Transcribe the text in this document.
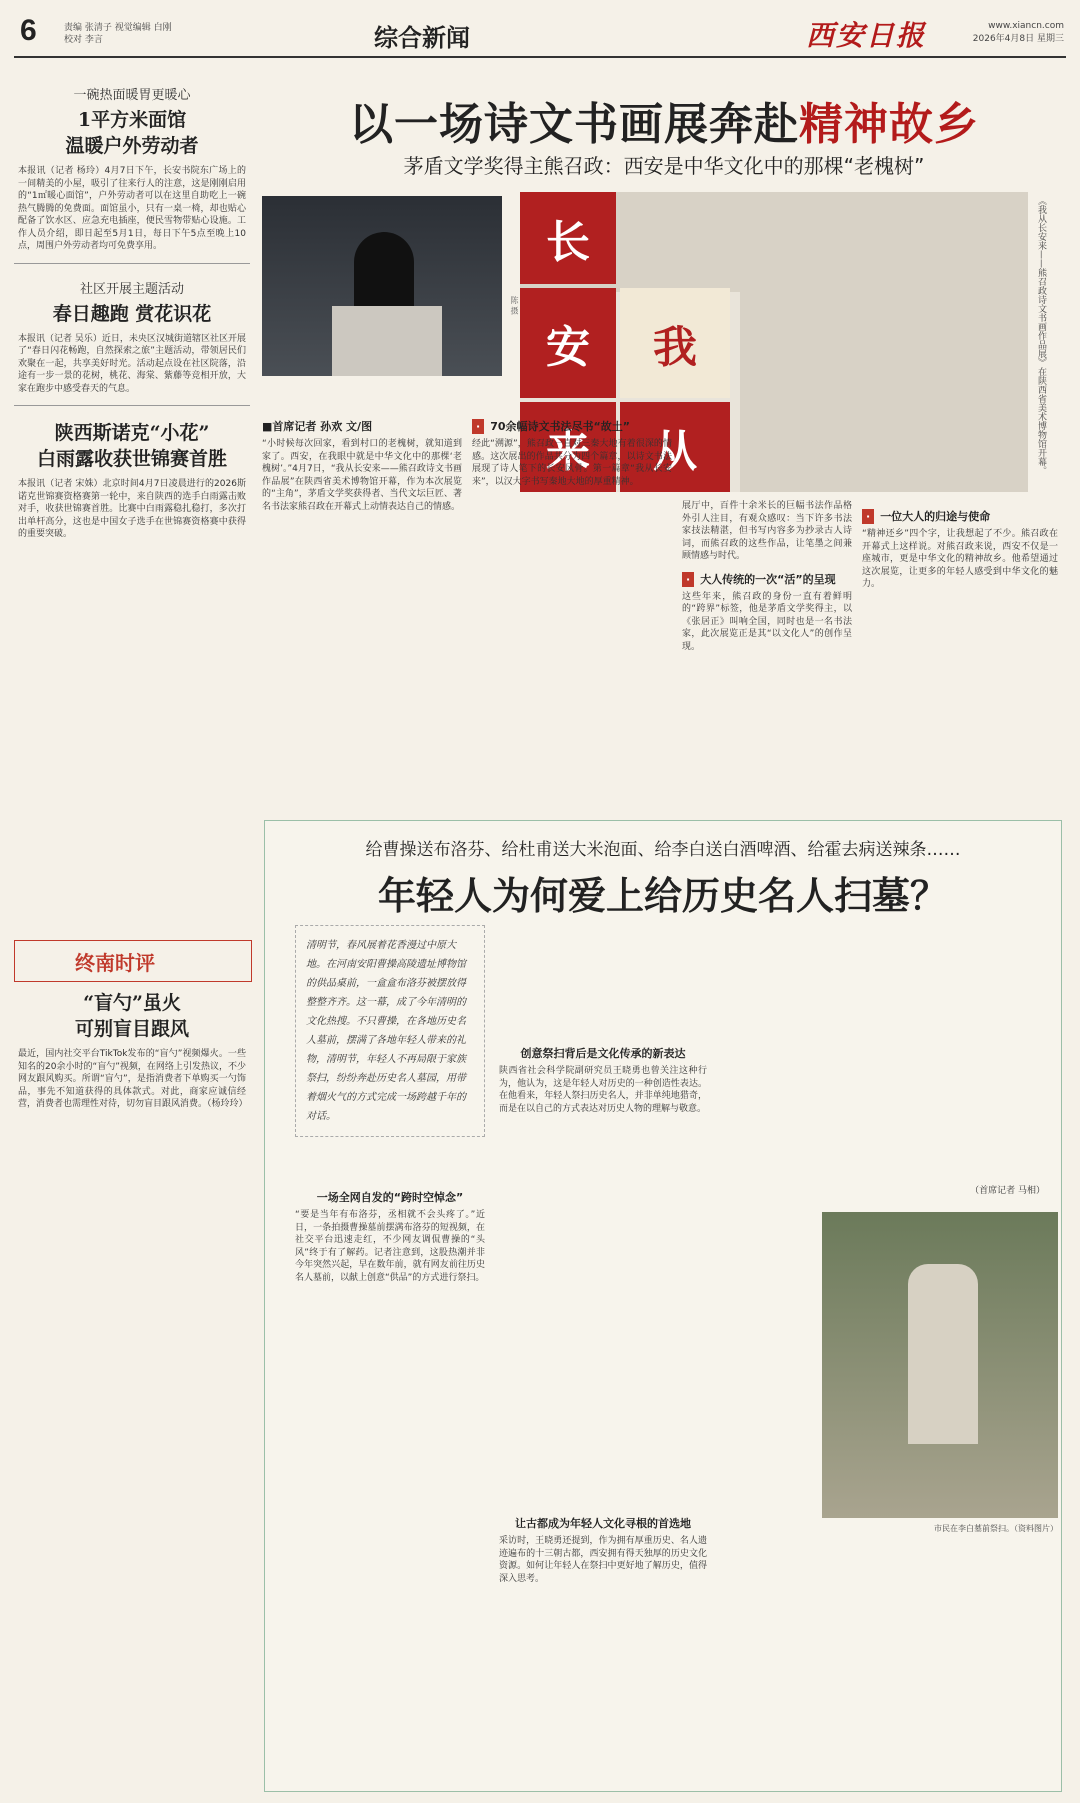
6	责编 张清子 视觉编辑 白刚
校对 李言	综合新闻	西安日报	www.xiancn.com
2026年4月8日 星期三
一碗热面暖胃更暖心
1平方米面馆
温暖户外劳动者
本报讯（记者 杨玲）4月7日下午，长安书院东广场上的一间精美的小屋，吸引了往来行人的注意，这是刚刚启用的“1㎡暖心面馆”，户外劳动者可以在这里自助吃上一碗热气腾腾的免费面。面馆虽小，只有一桌一椅，却也贴心配备了饮水区、应急充电插座，便民雪物带贴心设施。工作人员介绍，即日起至5月1日，每日下午5点至晚上10点，周围户外劳动者均可免费享用。
社区开展主题活动
春日趣跑 赏花识花
本报讯（记者 吴乐）近日，未央区汉城街道辖区社区开展了“春日闪花畅跑，自然探索之旅”主题活动，带领居民们欢聚在一起，共享美好时光。活动起点设在社区院落，沿途有一步一景的花树，桃花、海棠、紫藤等竞相开放，大家在跑步中感受春天的气息。
陕西斯诺克“小花”
白雨露收获世锦赛首胜
本报讯（记者 宋姝）北京时间4月7日凌晨进行的2026斯诺克世锦赛资格赛第一轮中，来自陕西的选手白雨露击败对手，收获世锦赛首胜。比赛中白雨露稳扎稳打，多次打出单杆高分，这也是中国女子选手在世锦赛资格赛中获得的重要突破。
终南时评
“盲勺”虽火
可别盲目跟风
最近，国内社交平台TikTok发布的“盲勺”视频爆火。一些知名的20余小时的“盲勺”视频，在网络上引发热议，不少网友跟风购买。所谓“盲勺”，是指消费者下单购买一勺饰品，事先不知道获得的具体款式。对此，商家应诚信经营，消费者也需理性对待，切勿盲目跟风消费。（杨玲玲）
以一场诗文书画展奔赴精神故乡
茅盾文学奖得主熊召政：西安是中华文化中的那棵“老槐树”
陈 摄
长
安	我
来	从	《我从长安来——熊召政诗文书画作品展》在陕西省美术博物馆开幕。
■首席记者 孙欢 文/图
“小时候每次回家，看到村口的老槐树，就知道到家了。西安，在我眼中就是中华文化中的那棵‘老槐树’。”4月7日，“我从长安来——熊召政诗文书画作品展”在陕西省美术博物馆开幕，作为本次展览的“主角”，茅盾文学奖获得者、当代文坛巨匠、著名书法家熊召政在开幕式上动情表达自己的情感。
· 70余幅诗文书法尽书“故土”
经此“溯源”，熊召政一直对三秦大地有着很深的情感。这次展出的作品共分为四个篇章，以诗文书法展现了诗人笔下的长安风骨。第一篇章“我从长安来”，以汉大字书写秦地大地的厚重精神。
展厅中，百件十余米长的巨幅书法作品格外引人注目，有观众感叹：当下许多书法家技法精湛，但书写内容多为抄录古人诗词，而熊召政的这些作品，让笔墨之间兼顾情感与时代。
· 大人传统的一次“活”的呈现
这些年来，熊召政的身份一直有着鲜明的“跨界”标签，他是茅盾文学奖得主，以《张居正》叫响全国，同时也是一名书法家，此次展览正是其“以文化人”的创作呈现。
· 一位大人的归途与使命
“精神还乡”四个字，让我想起了不少。熊召政在开幕式上这样说。对熊召政来说，西安不仅是一座城市，更是中华文化的精神故乡。他希望通过这次展览，让更多的年轻人感受到中华文化的魅力。
给曹操送布洛芬、给杜甫送大米泡面、给李白送白酒啤酒、给霍去病送辣条……
年轻人为何爱上给历史名人扫墓？
清明节，春风展着花香漫过中原大地。在河南安阳曹操高陵遗址博物馆的供品桌前，一盒盒布洛芬被摆放得整整齐齐。这一幕，成了今年清明的文化热搜。不只曹操，在各地历史名人墓前，摆满了各地年轻人带来的礼物，清明节，年轻人不再局限于家族祭扫，纷纷奔赴历史名人墓园，用带着烟火气的方式完成一场跨越千年的对话。
一场全网自发的“跨时空悼念”
“要是当年有布洛芬，丞相就不会头疼了。”近日，一条拍摄曹操墓前摆满布洛芬的短视频，在社交平台迅速走红，不少网友调侃曹操的“头风”终于有了解药。记者注意到，这股热潮并非今年突然兴起，早在数年前，就有网友前往历史名人墓前，以献上创意“供品”的方式进行祭扫。
创意祭扫背后是文化传承的新表达
陕西省社会科学院副研究员王晓勇也曾关注这种行为，他认为，这是年轻人对历史的一种创造性表达。在他看来，年轻人祭扫历史名人，并非单纯地猎奇，而是在以自己的方式表达对历史人物的理解与敬意。
让古都成为年轻人文化寻根的首选地
采访时，王晓勇还提到，作为拥有厚重历史、名人遗迹遍布的十三朝古都，西安拥有得天独厚的历史文化资源。如何让年轻人在祭扫中更好地了解历史，值得深入思考。
（首席记者 马相）
市民在李白墓前祭扫。（资料图片）
